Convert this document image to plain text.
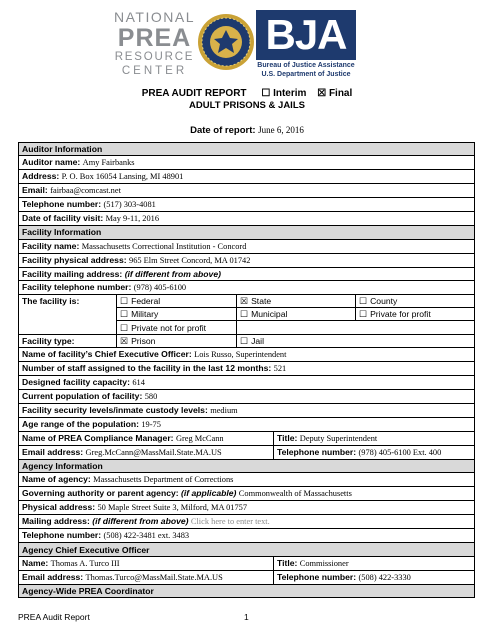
NATIONAL
PREA
RESOURCE
CENTER
BJA
Bureau of Justice Assistance
U.S. Department of Justice
PREA AUDIT REPORT ☐ Interim ☒ Final
ADULT PRISONS & JAILS
Date of report: June 6, 2016
Auditor Information				
Auditor name: Amy Fairbanks				
Address: P. O. Box 16054 Lansing, MI 48901				
Email: fairbaa@comcast.net				
Telephone number: (517) 303-4081				
Date of facility visit: May 9-11, 2016				
Facility Information				
Facility name: Massachusetts Correctional Institution - Concord				
Facility physical address: 965 Elm Street Concord, MA 01742				
Facility mailing address: (if different from above)				
Facility telephone number: (978) 405-6100				
The facility is:	☐ Federal	☒ State		☐ County
	☐ Military	☐ Municipal		☐ Private for profit
	☐ Private not for profit			
Facility type:	☒ Prison	☐ Jail		
Name of facility’s Chief Executive Officer: Lois Russo, Superintendent				
Number of staff assigned to the facility in the last 12 months: 521				
Designed facility capacity: 614				
Current population of facility: 580				
Facility security levels/inmate custody levels: medium				
Age range of the population: 19-75				
Name of PREA Compliance Manager: Greg McCann			Title: Deputy Superintendent	
Email address: Greg.McCann@MassMail.State.MA.US			Telephone number: (978) 405-6100 Ext. 400	
Agency Information				
Name of agency: Massachusetts Department of Corrections				
Governing authority or parent agency: (if applicable) Commonwealth of Massachusetts				
Physical address: 50 Maple Street Suite 3, Milford, MA 01757				
Mailing address: (if different from above) Click here to enter text.				
Telephone number: (508) 422-3481 ext. 3483				
Agency Chief Executive Officer				
Name: Thomas A. Turco III			Title: Commissioner	
Email address: Thomas.Turco@MassMail.State.MA.US			Telephone number: (508) 422-3330	
Agency-Wide PREA Coordinator				
PREA Audit Report	1
